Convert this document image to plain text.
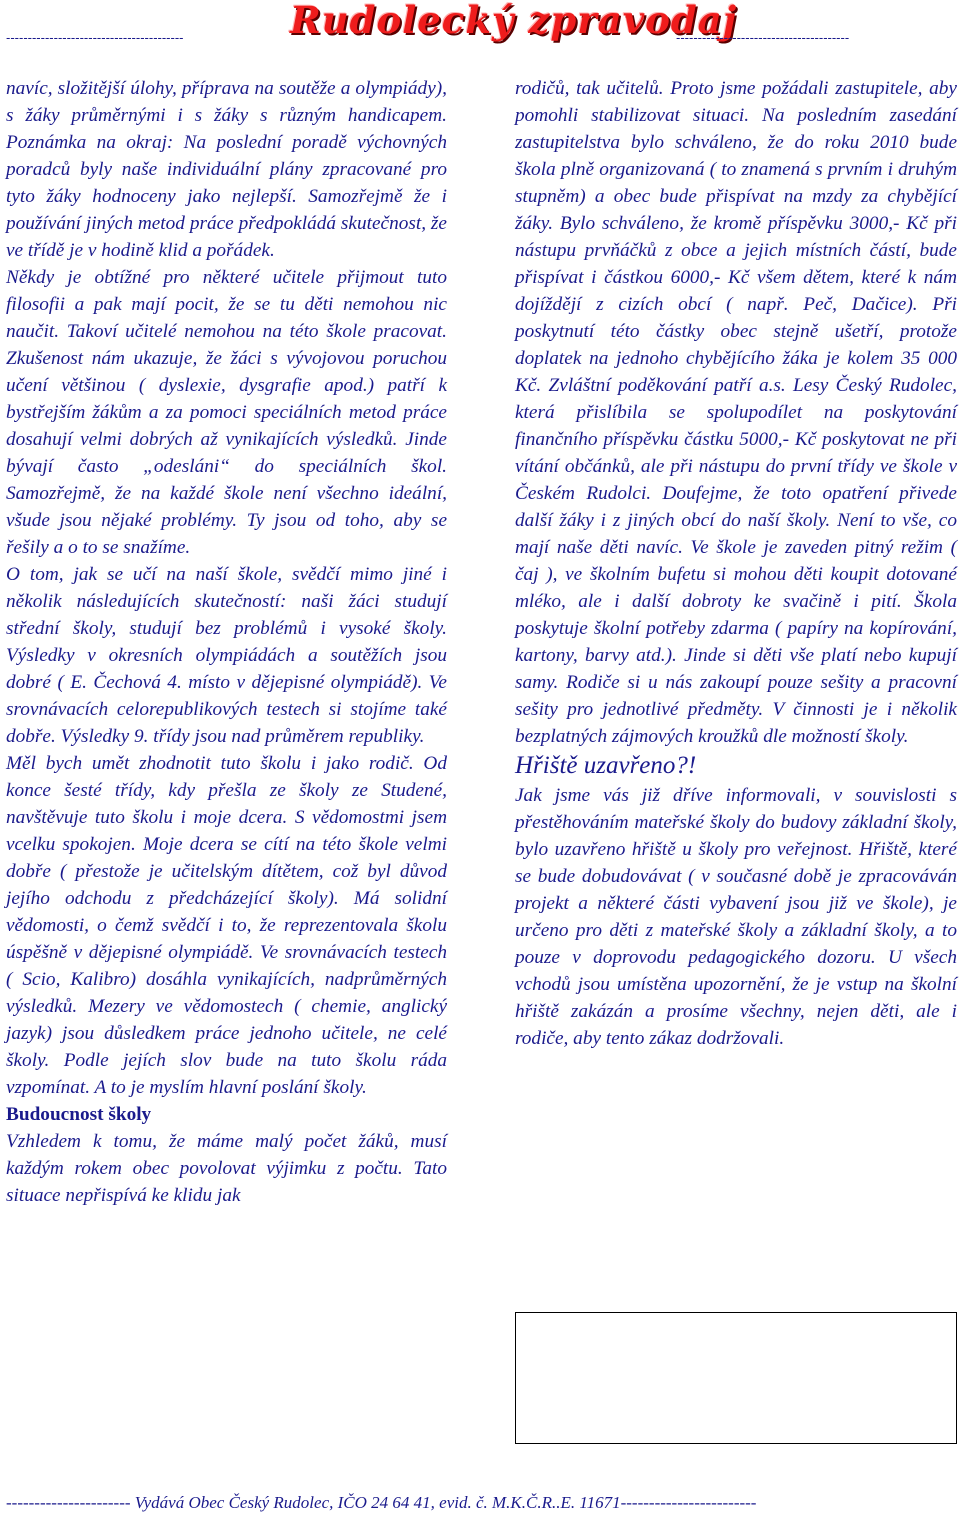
-----------------------------------------	Rudolecký zpravodaj
----------------------------------------

navíc, složitější úlohy, příprava na soutěže a olympiády), s žáky průměrnými i s žáky s různým handicapem. Poznámka na okraj: Na poslední poradě výchovných poradců byly naše individuální plány zpracované pro tyto žáky hodnoceny jako nejlepší. Samozřejmě že i používání jiných metod práce předpokládá skutečnost, že ve třídě je v hodině klid a pořádek.

Někdy je obtížné pro některé učitele přijmout tuto filosofii a pak mají pocit, že se tu děti nemohou nic naučit. Takoví učitelé nemohou na této škole pracovat. Zkušenost nám ukazuje, že žáci s vývojovou poruchou učení většinou ( dyslexie, dysgrafie apod.) patří k bystřejším žákům a za pomoci speciálních metod práce dosahují velmi dobrých až vynikajících výsledků. Jinde bývají často „odesláni“ do speciálních škol. Samozřejmě, že na každé škole není všechno ideální, všude jsou nějaké problémy. Ty jsou od toho, aby se řešily a o to se snažíme.

O tom, jak se učí na naší škole, svědčí mimo jiné i několik následujících skutečností: naši žáci studují střední školy, studují bez problémů i vysoké školy. Výsledky v okresních olympiádách a soutěžích jsou dobré ( E. Čechová 4. místo v dějepisné olympiádě). Ve srovnávacích celorepublikových testech si stojíme také dobře. Výsledky 9. třídy jsou nad průměrem republiky.

Měl bych umět zhodnotit tuto školu i jako rodič. Od konce šesté třídy, kdy přešla ze školy ze Studené, navštěvuje tuto školu i moje dcera. S vědomostmi jsem vcelku spokojen. Moje dcera se cítí na této škole velmi dobře ( přestože je učitelským dítětem, což byl důvod jejího odchodu z předcházející školy). Má solidní vědomosti, o čemž svědčí i to, že reprezentovala školu úspěšně v dějepisné olympiádě. Ve srovnávacích testech ( Scio, Kalibro) dosáhla vynikajících, nadprůměrných výsledků. Mezery ve vědomostech ( chemie, anglický jazyk) jsou důsledkem práce jednoho učitele, ne celé školy. Podle jejích slov bude na tuto školu ráda vzpomínat. A to je myslím hlavní poslání školy.

Budoucnost školy

Vzhledem k tomu, že máme malý počet žáků, musí každým rokem obec povolovat výjimku z počtu. Tato situace nepřispívá ke klidu jak

rodičů, tak učitelů. Proto jsme požádali zastupitele, aby pomohli stabilizovat situaci. Na posledním zasedání zastupitelstva bylo schváleno, že do roku 2010 bude škola plně organizovaná ( to znamená s prvním i druhým stupněm) a obec bude přispívat na mzdy za chybějící žáky. Bylo schváleno, že kromě příspěvku 3000,- Kč při nástupu prvňáčků z obce a jejich místních částí, bude přispívat i částkou 6000,- Kč všem dětem, které k nám dojíždějí z cizích obcí ( např. Peč, Dačice). Při poskytnutí této částky obec stejně ušetří, protože doplatek na jednoho chybějícího žáka je kolem 35 000 Kč. Zvláštní poděkování patří a.s. Lesy Český Rudolec, která přislíbila se spolupodílet na poskytování finančního příspěvku částku 5000,- Kč poskytovat ne při vítání občánků, ale při nástupu do první třídy ve škole v Českém Rudolci. Doufejme, že toto opatření přivede další žáky i z jiných obcí do naší školy. Není to vše, co mají naše děti navíc. Ve škole je zaveden pitný režim ( čaj ), ve školním bufetu si mohou děti koupit dotované mléko, ale i další dobroty ke svačině i pití. Škola poskytuje školní potřeby zdarma ( papíry na kopírování, kartony, barvy atd.). Jinde si děti vše platí nebo kupují samy. Rodiče si u nás zakoupí pouze sešity a pracovní sešity pro jednotlivé předměty. V činnosti je i několik bezplatných zájmových kroužků dle možností školy.

Hřiště uzavřeno?!

Jak jsme vás již dříve informovali, v souvislosti s přestěhováním mateřské školy do budovy základní školy, bylo uzavřeno hřiště u školy pro veřejnost. Hřiště, které se bude dobudovávat ( v současné době je zpracováván projekt a některé části vybavení jsou již ve škole), je určeno pro děti z mateřské školy a základní školy, a to pouze v doprovodu pedagogického dozoru. U všech vchodů jsou umístěna upozornění, že je vstup na školní hřiště zakázán a prosíme všechny, nejen děti, ale i rodiče, aby tento zákaz dodržovali.

---------------------- Vydává Obec Český Rudolec, IČO 24 64 41, evid. č. M.K.Č.R..E. 11671------------------------
